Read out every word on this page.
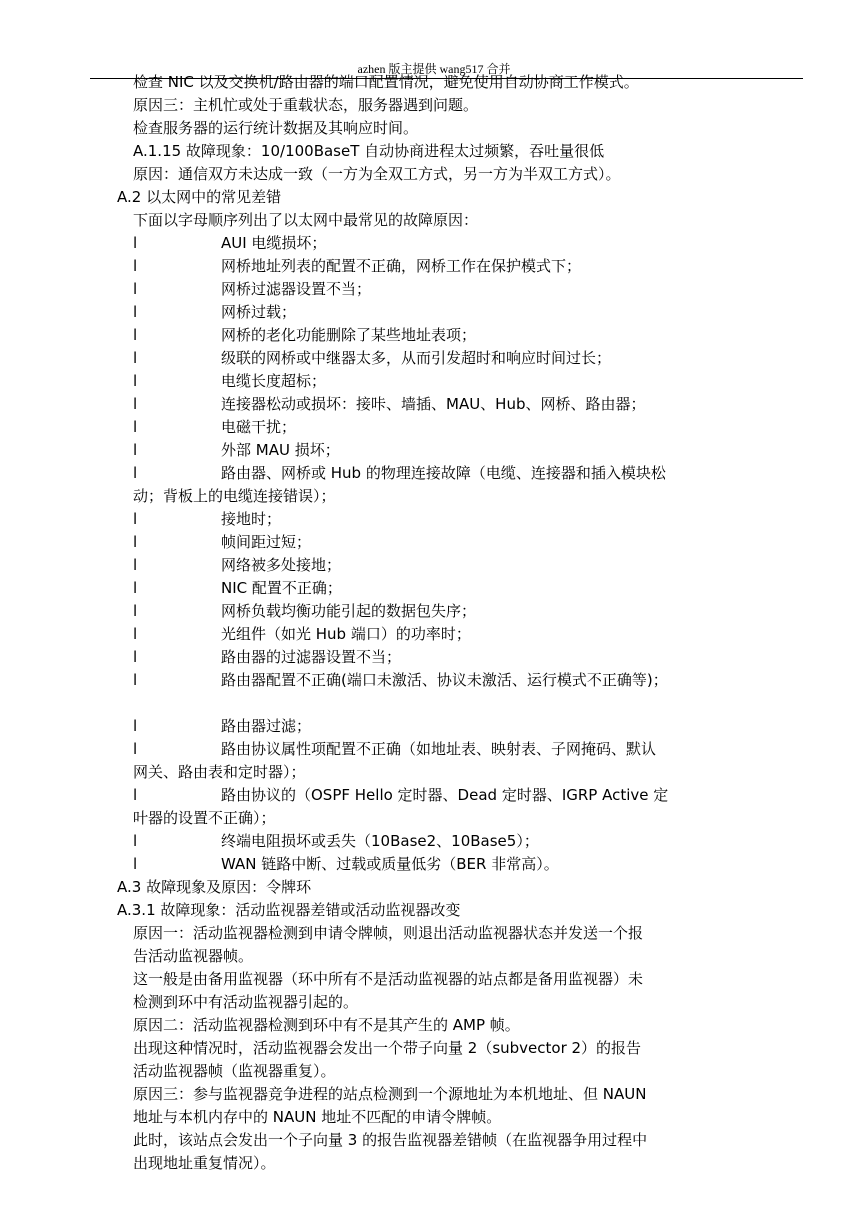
azhen 版主提供 wang517 合并
检查 NIC 以及交换机/路由器的端口配置情况，避免使用自动协商工作模式。
原因三：主机忙或处于重载状态，服务器遇到问题。
检查服务器的运行统计数据及其响应时间。
A.1.15 故障现象：10/100BaseT 自动协商进程太过频繁，吞吐量很低
原因：通信双方未达成一致（一方为全双工方式，另一方为半双工方式）。
A.2 以太网中的常见差错
下面以字母顺序列出了以太网中最常见的故障原因：
l	AUI 电缆损坏；
l	网桥地址列表的配置不正确，网桥工作在保护模式下；
l	网桥过滤器设置不当；
l	网桥过载；
l	网桥的老化功能删除了某些地址表项；
l	级联的网桥或中继器太多，从而引发超时和响应时间过长；
l	电缆长度超标；
l	连接器松动或损坏：接咔、墙插、MAU、Hub、网桥、路由器；
l	电磁干扰；
l	外部 MAU 损坏；
l	路由器、网桥或 Hub 的物理连接故障（电缆、连接器和插入模块松
动；背板上的电缆连接错误）；
l	接地时；
l	帧间距过短；
l	网络被多处接地；
l	NIC 配置不正确；
l	网桥负载均衡功能引起的数据包失序；
l	光组件（如光 Hub 端口）的功率时；
l	路由器的过滤器设置不当；
l	路由器配置不正确(端口未激活、协议未激活、运行模式不正确等)；
l	路由器过滤；
l	路由协议属性项配置不正确（如地址表、映射表、子网掩码、默认
网关、路由表和定时器）；
l	路由协议的（OSPF Hello 定时器、Dead 定时器、IGRP Active 定
叶器的设置不正确）；
l	终端电阻损坏或丢失（10Base2、10Base5）；
l	WAN 链路中断、过载或质量低劣（BER 非常高）。
A.3 故障现象及原因：令牌环
A.3.1 故障现象：活动监视器差错或活动监视器改变
原因一：活动监视器检测到申请令牌帧，则退出活动监视器状态并发送一个报
告活动监视器帧。
这一般是由备用监视器（环中所有不是活动监视器的站点都是备用监视器）未
检测到环中有活动监视器引起的。
原因二：活动监视器检测到环中有不是其产生的 AMP 帧。
出现这种情况时，活动监视器会发出一个带子向量 2（subvector 2）的报告
活动监视器帧（监视器重复）。
原因三：参与监视器竞争进程的站点检测到一个源地址为本机地址、但 NAUN
地址与本机内存中的 NAUN 地址不匹配的申请令牌帧。
此时，该站点会发出一个子向量 3 的报告监视器差错帧（在监视器争用过程中
出现地址重复情况）。
